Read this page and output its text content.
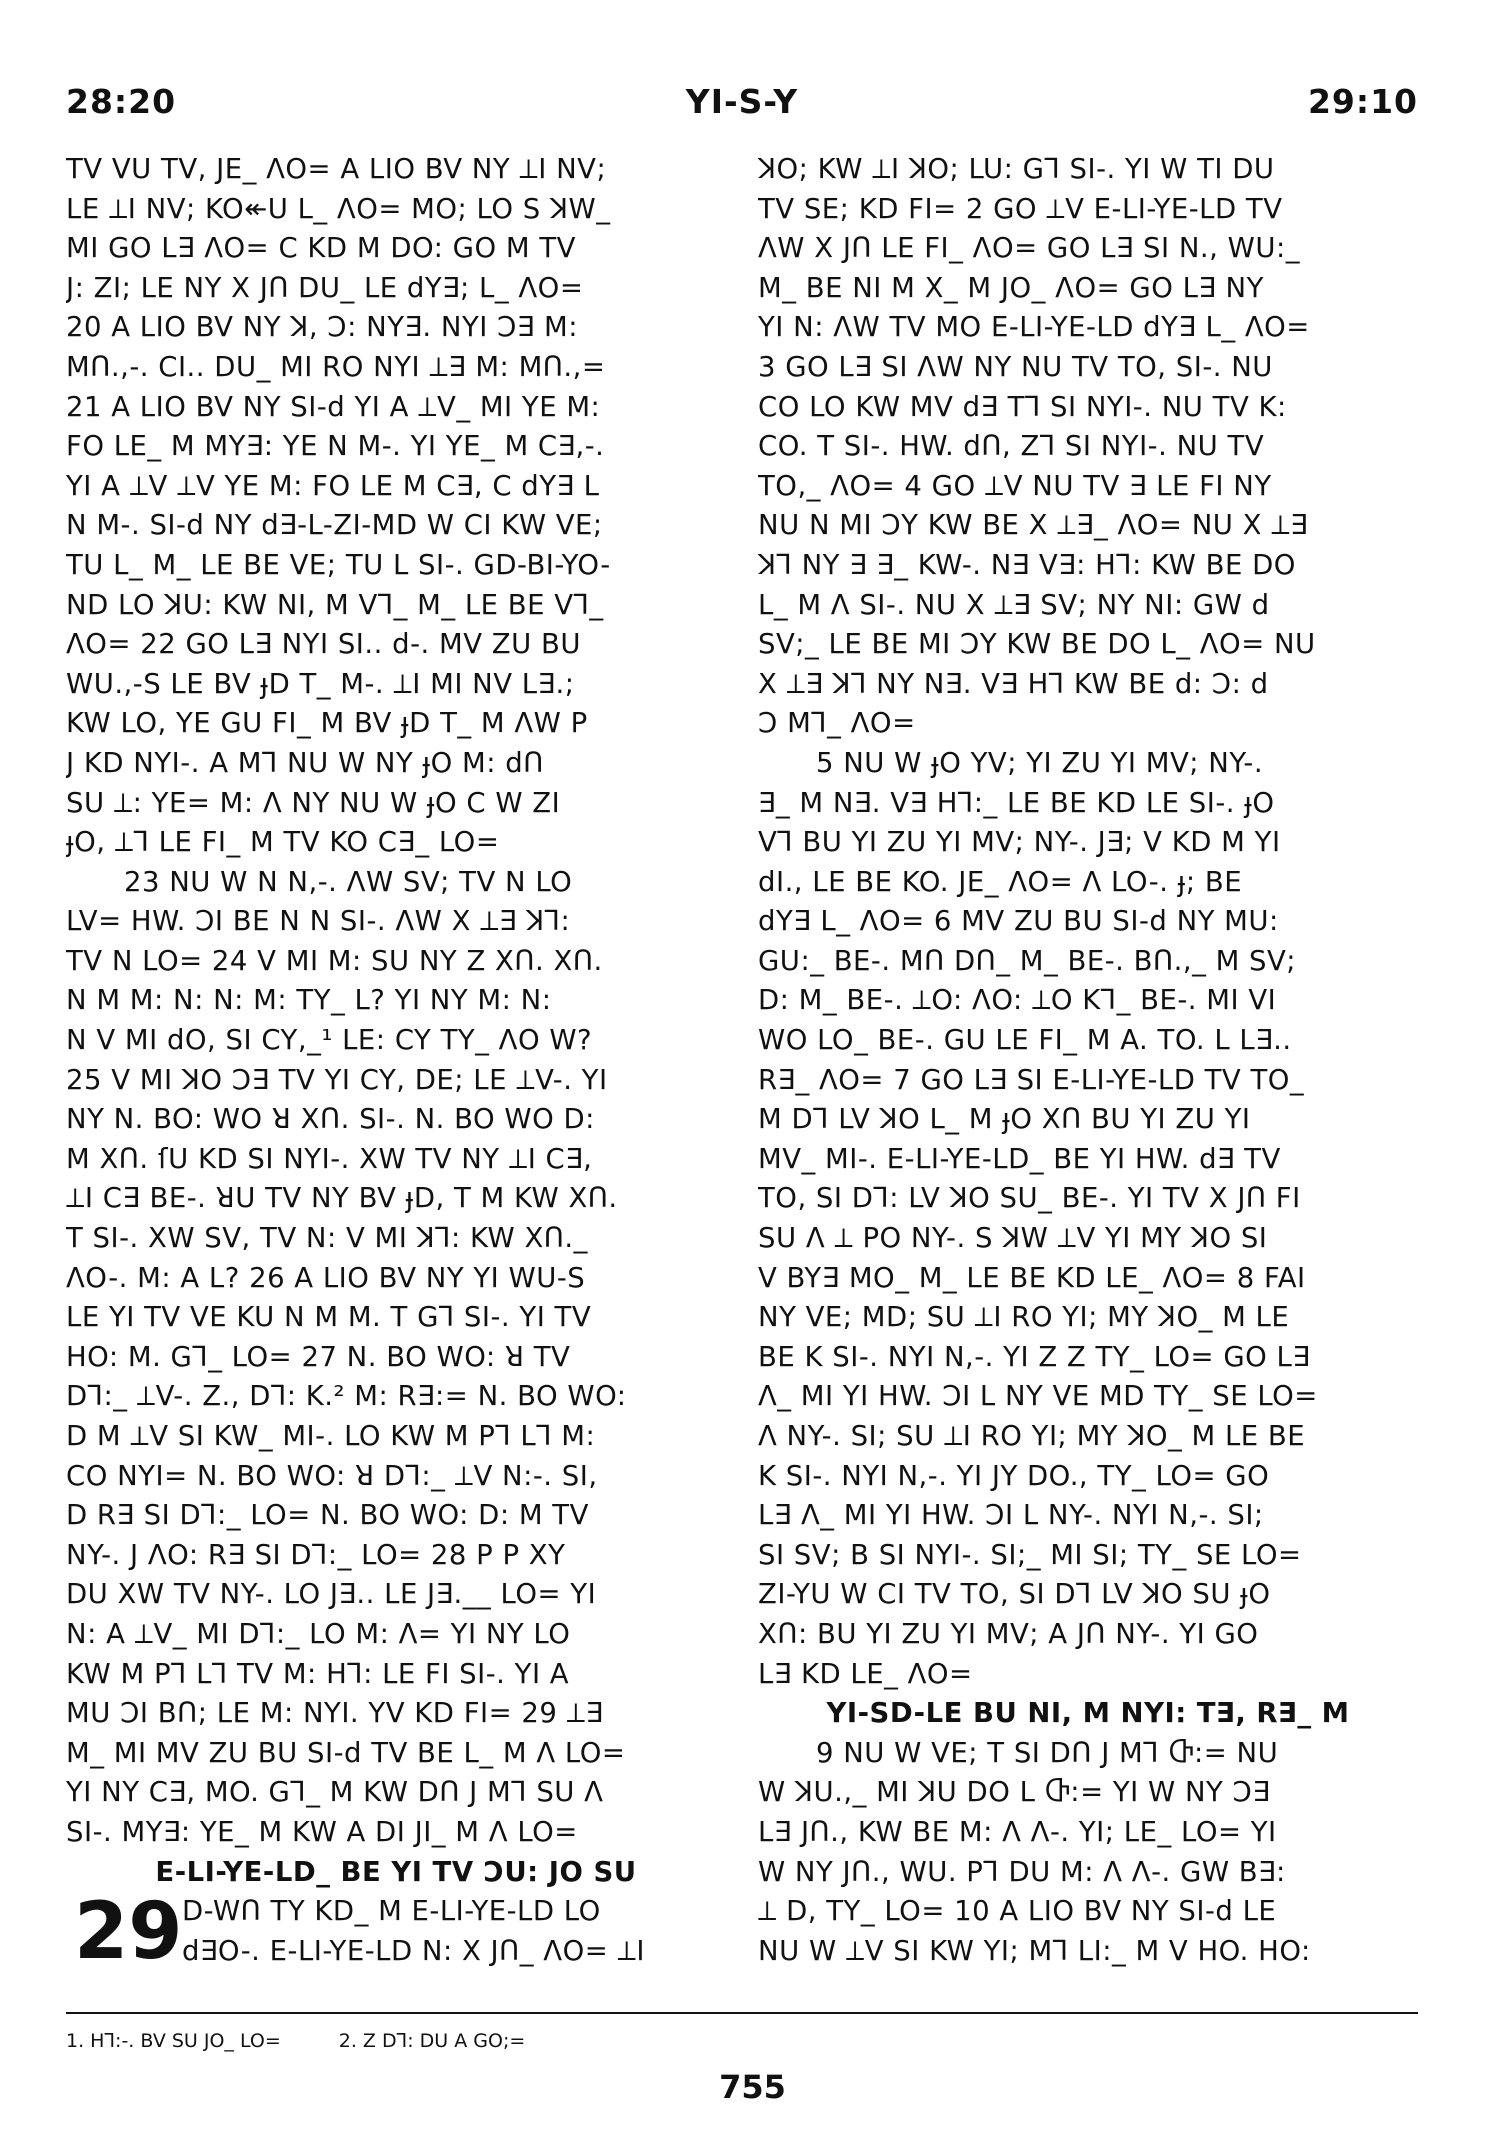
28:20	YI-S-Y	29:10
TV VU TV, JE_ ΛO= A LIO BV NY ⟂I NV;
LE ⟂I NV; KO↞U L_ ΛO= MO; LO S ꓘW_
MI GO L∃ ΛO= C KD M DO: GO M TV
J: ZI; LE NY X JՈ DU_ LE dY∃; L_ ΛO=
20 A LIO BV NY ꓘ, Ɔ: NY∃. NYI Ɔ∃ M:
MՈ.,-. CI.. DU_ MI RO NYI ⟂∃ M: MՈ.,=
21 A LIO BV NY SI-d YI A ⟂V_ MI YE M:
FO LE_ M MY∃: YE N M-. YI YE_ M C∃,-.
YI A ⟂V ⟂V YE M: FO LE M C∃, C dY∃ L
N M-. SI-d NY d∃-L-ZI-MD W CI KW VE;
TU L_ M_ LE BE VE; TU L SI-. GD-BI-YO-
ND LO ꓘU: KW NI, M Vꓶ_ M_ LE BE Vꓶ_
ΛO= 22 GO L∃ NYI SI.. d-. MV ZU BU
WU.,-S LE BV ɟD T_ M-. ⟂I MI NV L∃.;
KW LO, YE GU FI_ M BV ɟD T_ M ΛW P
J KD NYI-. A Mꓶ NU W NY ɟO M: dՈ
SU ⟂: YE= M: Λ NY NU W ɟO C W ZI
ɟO, ⟂ꓶ LE FI_ M TV KO C∃_ LO=
23 NU W N N,-. ΛW SV; TV N LO
LV= HW. ƆI BE N N SI-. ΛW X ⟂∃ ꓘꓶ:
TV N LO= 24 V MI M: SU NY Z XՈ. XՈ.
N M M: N: N: M: TY_ L? YI NY M: N:
N V MI dO, SI CY,_¹ LE: CY TY_ ΛO W?
25 V MI ꓘO Ɔ∃ TV YI CY, DE; LE ⟂V-. YI
NY N. BO: WO ꓤ XՈ. SI-. N. BO WO D:
M XՈ. ſU KD SI NYI-. XW TV NY ⟂I C∃,
⟂I C∃ BE-. ꓤU TV NY BV ɟD, T M KW XՈ.
T SI-. XW SV, TV N: V MI ꓘꓶ: KW XՈ._
ΛO-. M: A L? 26 A LIO BV NY YI WU-S
LE YI TV VE KU N M M. T Gꓶ SI-. YI TV
HO: M. Gꓶ_ LO= 27 N. BO WO: ꓤ TV
Dꓶ:_ ⟂V-. Z., Dꓶ: K.² M: R∃:= N. BO WO:
D M ⟂V SI KW_ MI-. LO KW M Pꓶ Lꓶ M:
CO NYI= N. BO WO: ꓤ Dꓶ:_ ⟂V N:-. SI,
D R∃ SI Dꓶ:_ LO= N. BO WO: D: M TV
NY-. J ΛO: R∃ SI Dꓶ:_ LO= 28 P P XY
DU XW TV NY-. LO J∃.. LE J∃.__ LO= YI
N: A ⟂V_ MI Dꓶ:_ LO M: Λ= YI NY LO
KW M Pꓶ Lꓶ TV M: Hꓶ: LE FI SI-. YI A
MU ƆI BՈ; LE M: NYI. YV KD FI= 29 ⟂∃
M_ MI MV ZU BU SI-d TV BE L_ M Λ LO=
YI NY C∃, MO. Gꓶ_ M KW DՈ J Mꓶ SU Λ
SI-. MY∃: YE_ M KW A DI JI_ M Λ LO=
E-LI-YE-LD_ BE YI TV ƆU: JO SU
29 D-WՈ TY KD_ M E-LI-YE-LD LO
d∃O-. E-LI-YE-LD N: X JՈ_ ΛO= ⟂I
ꓘO; KW ⟂I ꓘO; LU: Gꓶ SI-. YI W TI DU
TV SE; KD FI= 2 GO ⟂V E-LI-YE-LD TV
ΛW X JՈ LE FI_ ΛO= GO L∃ SI N., WU:_
M_ BE NI M X_ M JO_ ΛO= GO L∃ NY
YI N: ΛW TV MO E-LI-YE-LD dY∃ L_ ΛO=
3 GO L∃ SI ΛW NY NU TV TO, SI-. NU
CO LO KW MV d∃ Tꓶ SI NYI-. NU TV K:
CO. T SI-. HW. dՈ, Zꓶ SI NYI-. NU TV
TO,_ ΛO= 4 GO ⟂V NU TV ∃ LE FI NY
NU N MI ƆY KW BE X ⟂∃_ ΛO= NU X ⟂∃
ꓘꓶ NY ∃ ∃_ KW-. N∃ V∃: Hꓶ: KW BE DO
L_ M Λ SI-. NU X ⟂∃ SV; NY NI: GW d
SV;_ LE BE MI ƆY KW BE DO L_ ΛO= NU
X ⟂∃ ꓘꓶ NY N∃. V∃ Hꓶ KW BE d: Ɔ: d
Ɔ Mꓶ_ ΛO=
5 NU W ɟO YV; YI ZU YI MV; NY-.
∃_ M N∃. V∃ Hꓶ:_ LE BE KD LE SI-. ɟO
Vꓶ BU YI ZU YI MV; NY-. J∃; V KD M YI
dI., LE BE KO. JE_ ΛO= Λ LO-. ɟ; BE
dY∃ L_ ΛO= 6 MV ZU BU SI-d NY MU:
GU:_ BE-. MՈ DՈ_ M_ BE-. BՈ.,_ M SV;
D: M_ BE-. ⟂O: ΛO: ⟂O Kꓶ_ BE-. MI VI
WO LO_ BE-. GU LE FI_ M A. TO. L L∃..
R∃_ ΛO= 7 GO L∃ SI E-LI-YE-LD TV TO_
M Dꓶ LV ꓘO L_ M ɟO XՈ BU YI ZU YI
MV_ MI-. E-LI-YE-LD_ BE YI HW. d∃ TV
TO, SI Dꓶ: LV ꓘO SU_ BE-. YI TV X JՈ FI
SU Λ ⟂ PO NY-. S ꓘW ⟂V YI MY ꓘO SI
V BY∃ MO_ M_ LE BE KD LE_ ΛO= 8 FAI
NY VE; MD; SU ⟂I RO YI; MY ꓘO_ M LE
BE K SI-. NYI N,-. YI Z Z TY_ LO= GO L∃
Λ_ MI YI HW. ƆI L NY VE MD TY_ SE LO=
Λ NY-. SI; SU ⟂I RO YI; MY ꓘO_ M LE BE
K SI-. NYI N,-. YI JY DO., TY_ LO= GO
L∃ Λ_ MI YI HW. ƆI L NY-. NYI N,-. SI;
SI SV; B SI NYI-. SI;_ MI SI; TY_ SE LO=
ZI-YU W CI TV TO, SI Dꓶ LV ꓘO SU ɟO
XՈ: BU YI ZU YI MV; A JՈ NY-. YI GO
L∃ KD LE_ ΛO=
YI-SD-LE BU NI, M NYI: T∃, R∃_ M
9 NU W VE; T SI DՈ J Mꓶ Ⴇ:= NU
W ꓘU.,_ MI ꓘU DO L Ⴇ:= YI W NY Ɔ∃
L∃ JՈ., KW BE M: Λ Λ-. YI; LE_ LO= YI
W NY JՈ., WU. Pꓶ DU M: Λ Λ-. GW B∃:
⟂ D, TY_ LO= 10 A LIO BV NY SI-d LE
NU W ⟂V SI KW YI; Mꓶ LI:_ M V HO. HO:
1. Hꓶ:-. BV SU JO_ LO=	2. Z Dꓶ: DU A GO;=
755
